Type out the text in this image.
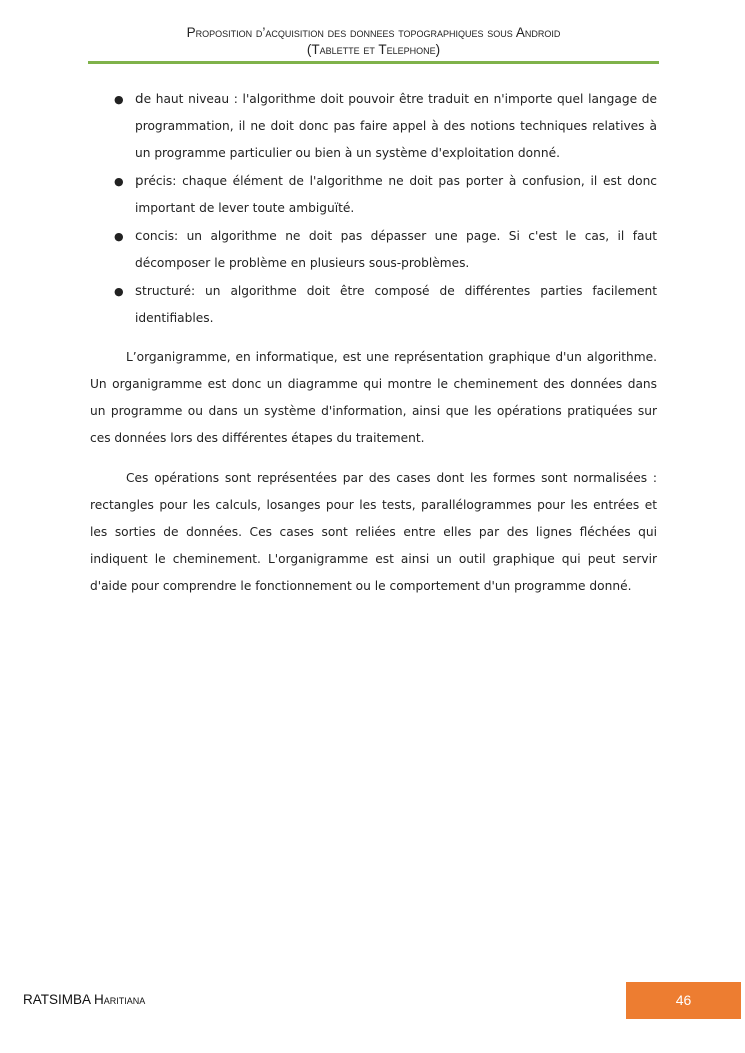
Proposition d’acquisition des donnees topographiques sous Android
(Tablette et Telephone)
● de haut niveau : l'algorithme doit pouvoir être traduit en n'importe quel langage de programmation, il ne doit donc pas faire appel à des notions techniques relatives à un programme particulier ou bien à un système d'exploitation donné.
● précis: chaque élément de l'algorithme ne doit pas porter à confusion, il est donc important de lever toute ambiguïté.
● concis: un algorithme ne doit pas dépasser une page. Si c'est le cas, il faut décomposer le problème en plusieurs sous-problèmes.
● structuré: un algorithme doit être composé de différentes parties facilement identifiables.

L’organigramme, en informatique, est une représentation graphique d'un algorithme. Un organigramme est donc un diagramme qui montre le cheminement des données dans un programme ou dans un système d'information, ainsi que les opérations pratiquées sur ces données lors des différentes étapes du traitement.

Ces opérations sont représentées par des cases dont les formes sont normalisées : rectangles pour les calculs, losanges pour les tests, parallélogrammes pour les entrées et les sorties de données. Ces cases sont reliées entre elles par des lignes fléchées qui indiquent le cheminement. L'organigramme est ainsi un outil graphique qui peut servir d'aide pour comprendre le fonctionnement ou le comportement d'un programme donné.

RATSIMBA Haritiana	46
